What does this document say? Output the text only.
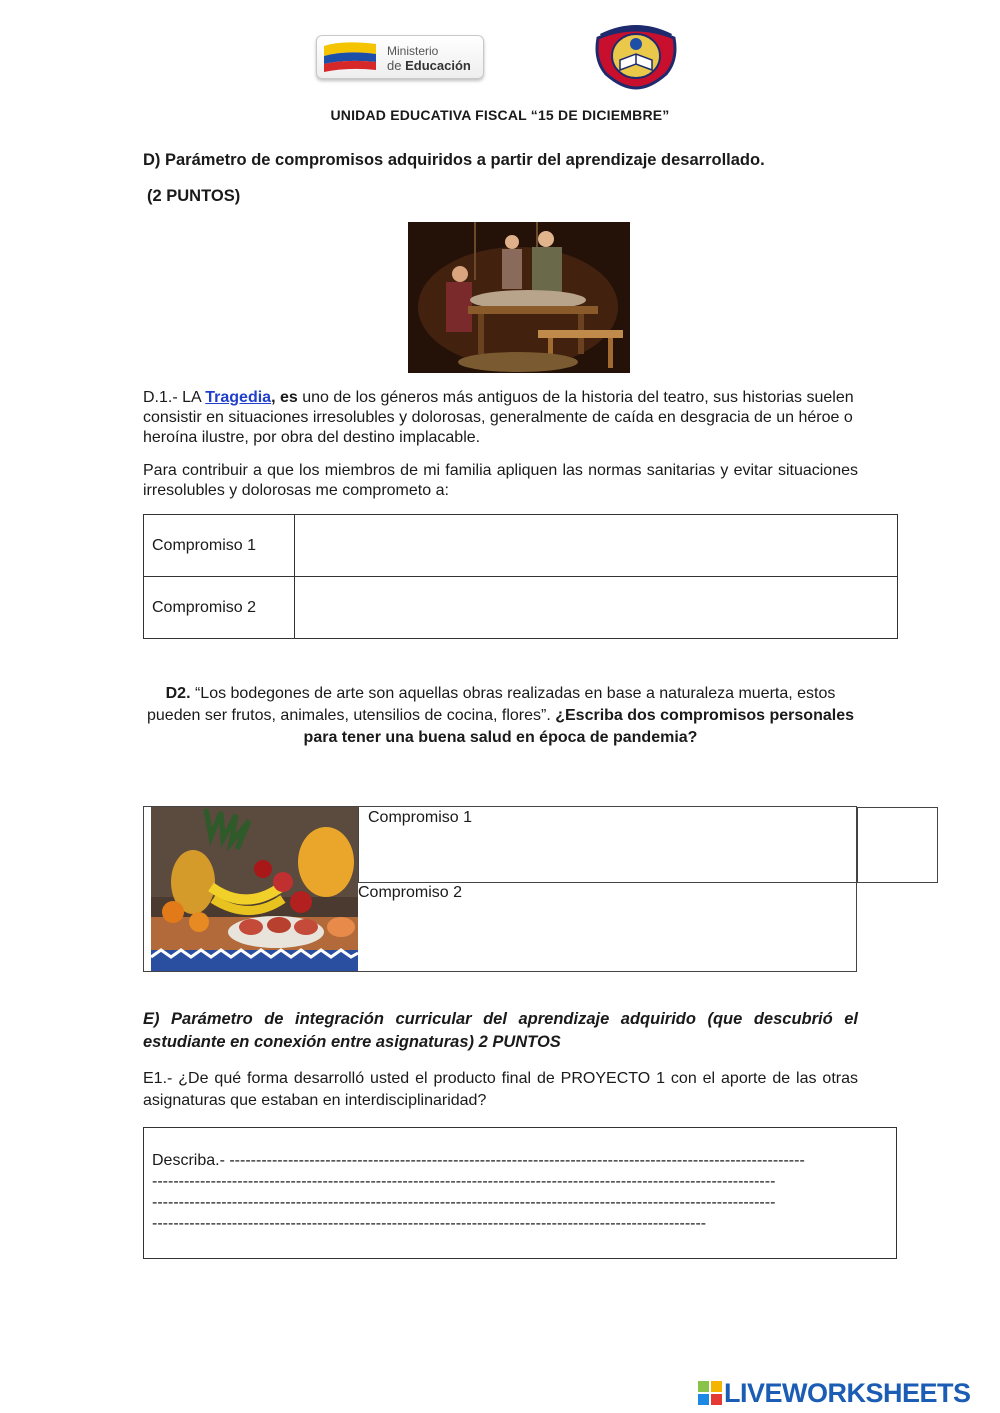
Ministerio
de Educación
UNIDAD EDUCATIVA FISCAL “15 DE DICIEMBRE”
D) Parámetro de compromisos adquiridos a partir del aprendizaje desarrollado.
(2 PUNTOS)
D.1.- LA Tragedia, es uno de los géneros más antiguos de la historia del teatro, sus historias suelen consistir en situaciones irresolubles y dolorosas, generalmente de caída en desgracia de un héroe o heroína ilustre, por obra del destino implacable.
Para contribuir a que los miembros de mi familia apliquen las normas sanitarias y evitar situaciones irresolubles y dolorosas me comprometo a:
Compromiso 1	
Compromiso 2	
D2. “Los bodegones de arte son aquellas obras realizadas en base a naturaleza muerta, estos pueden ser frutos, animales, utensilios de cocina, flores”. ¿Escriba dos compromisos personales para tener una buena salud en época de pandemia?
Compromiso 1
Compromiso 2
E) Parámetro de integración curricular del aprendizaje adquirido (que descubrió el estudiante en conexión entre asignaturas) 2 PUNTOS
E1.- ¿De qué forma desarrolló usted el producto final de PROYECTO 1 con el aporte de las otras asignaturas que estaban en interdisciplinaridad?
Describa.- ------------------------------------------------------------------------------------------------------------
---------------------------------------------------------------------------------------------------------------------
---------------------------------------------------------------------------------------------------------------------
--------------------------------------------------------------------------------------------------------
LIVEWORKSHEETS
